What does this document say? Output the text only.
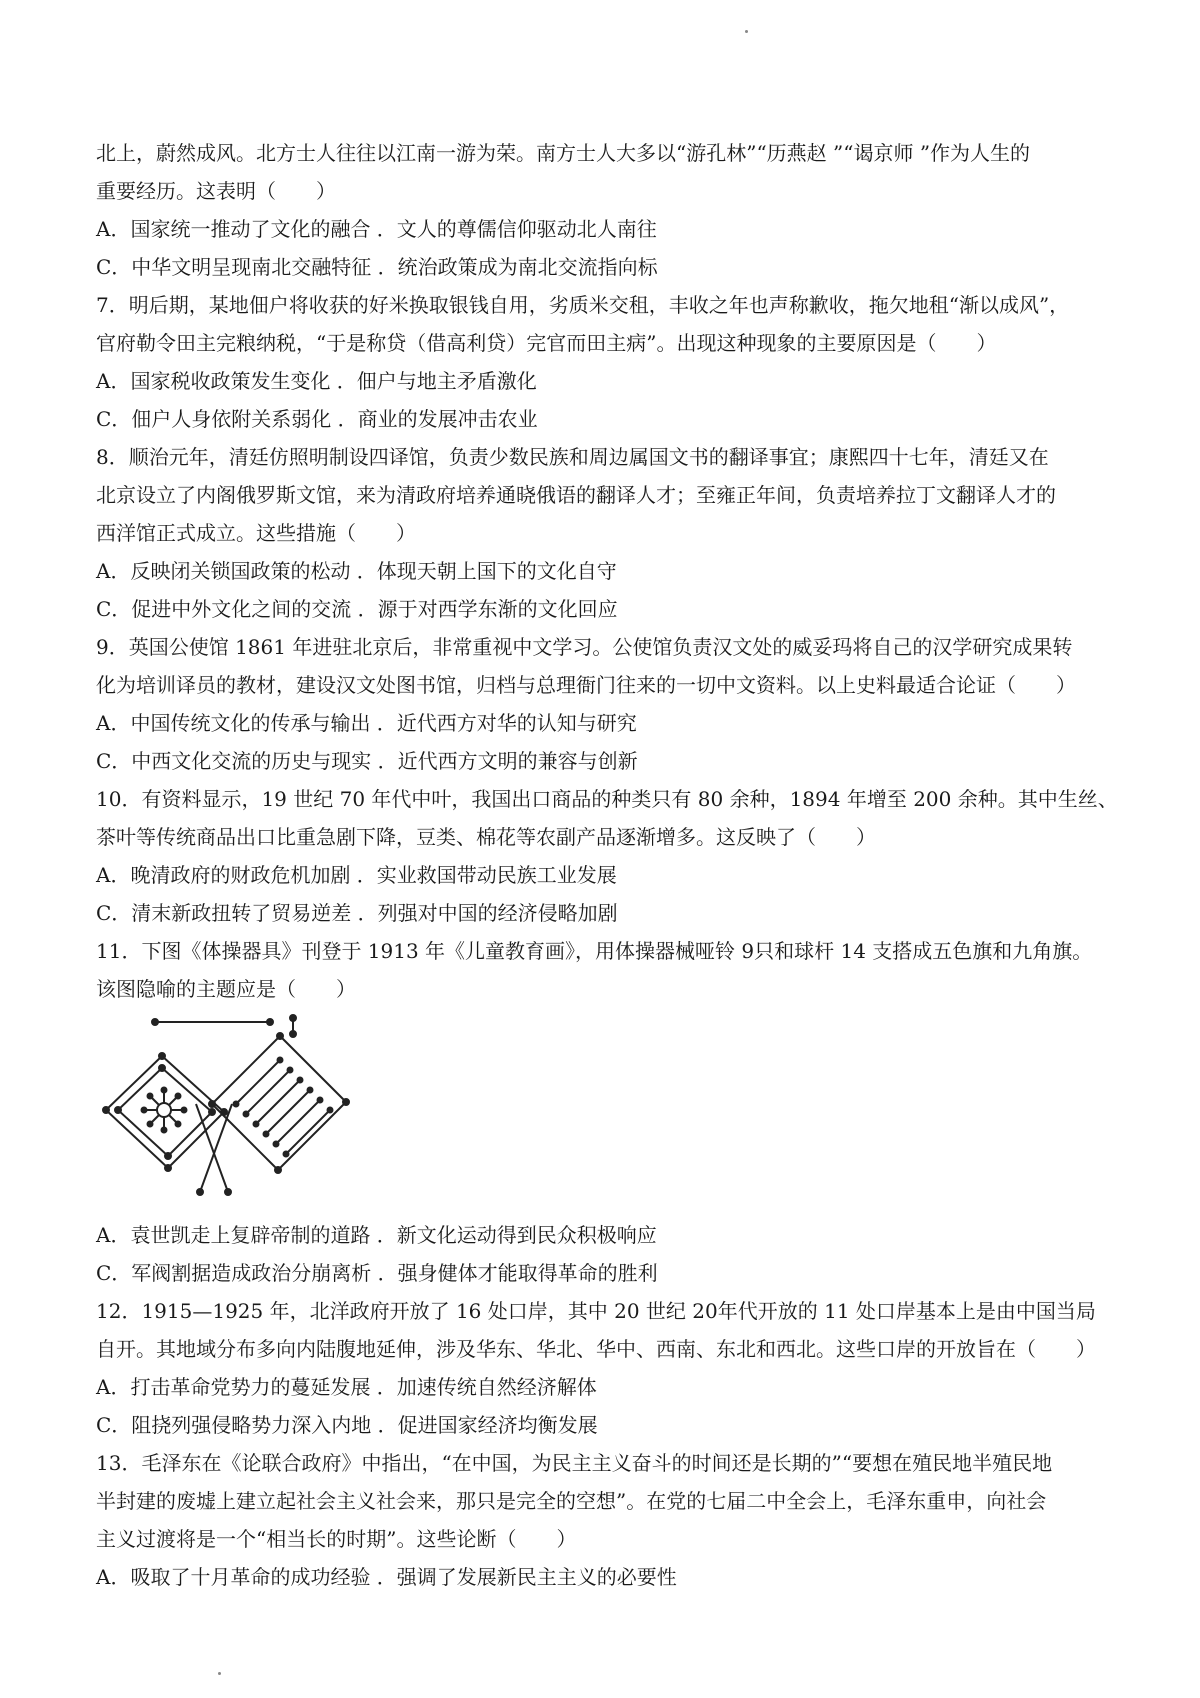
北上，蔚然成风。北方士人往往以江南一游为荣。南方士人大多以“游孔林”“历燕赵 ”“谒京师 ”作为人生的
重要经历。这表明（　　）
A．国家统一推动了文化的融合 ．文人的尊儒信仰驱动北人南往
C．中华文明呈现南北交融特征 ．统治政策成为南北交流指向标
7．明后期，某地佃户将收获的好米换取银钱自用，劣质米交租，丰收之年也声称歉收，拖欠地租“渐以成风”，
官府勒令田主完粮纳税，“于是称贷（借高利贷）完官而田主病”。出现这种现象的主要原因是（　　）
A．国家税收政策发生变化 ．佃户与地主矛盾激化
C．佃户人身依附关系弱化 ．商业的发展冲击农业
8．顺治元年，清廷仿照明制设四译馆，负责少数民族和周边属国文书的翻译事宜；康熙四十七年，清廷又在
北京设立了内阁俄罗斯文馆，来为清政府培养通晓俄语的翻译人才；至雍正年间，负责培养拉丁文翻译人才的
西洋馆正式成立。这些措施（　　）
A．反映闭关锁国政策的松动 ．体现天朝上国下的文化自守
C．促进中外文化之间的交流 ．源于对西学东渐的文化回应
9．英国公使馆 1861 年进驻北京后，非常重视中文学习。公使馆负责汉文处的威妥玛将自己的汉学研究成果转
化为培训译员的教材，建设汉文处图书馆，归档与总理衙门往来的一切中文资料。以上史料最适合论证（　　）
A．中国传统文化的传承与输出 ．近代西方对华的认知与研究
C．中西文化交流的历史与现实 ．近代西方文明的兼容与创新
10．有资料显示，19 世纪 70 年代中叶，我国出口商品的种类只有 80 余种，1894 年增至 200 余种。其中生丝、
茶叶等传统商品出口比重急剧下降，豆类、棉花等农副产品逐渐增多。这反映了（　　）
A．晚清政府的财政危机加剧 ．实业救国带动民族工业发展
C．清末新政扭转了贸易逆差 ．列强对中国的经济侵略加剧
11．下图《体操器具》刊登于 1913 年《儿童教育画》，用体操器械哑铃 9只和球杆 14 支搭成五色旗和九角旗。
该图隐喻的主题应是（　　）
A．袁世凯走上复辟帝制的道路 ．新文化运动得到民众积极响应
C．军阀割据造成政治分崩离析 ．强身健体才能取得革命的胜利
12．1915—1925 年，北洋政府开放了 16 处口岸，其中 20 世纪 20年代开放的 11 处口岸基本上是由中国当局
自开。其地域分布多向内陆腹地延伸，涉及华东、华北、华中、西南、东北和西北。这些口岸的开放旨在（　　）
A．打击革命党势力的蔓延发展 ．加速传统自然经济解体
C．阻挠列强侵略势力深入内地 ．促进国家经济均衡发展
13．毛泽东在《论联合政府》中指出，“在中国，为民主主义奋斗的时间还是长期的”“要想在殖民地半殖民地
半封建的废墟上建立起社会主义社会来，那只是完全的空想”。在党的七届二中全会上，毛泽东重申，向社会
主义过渡将是一个“相当长的时期”。这些论断（　　）
A．吸取了十月革命的成功经验 ．强调了发展新民主主义的必要性
